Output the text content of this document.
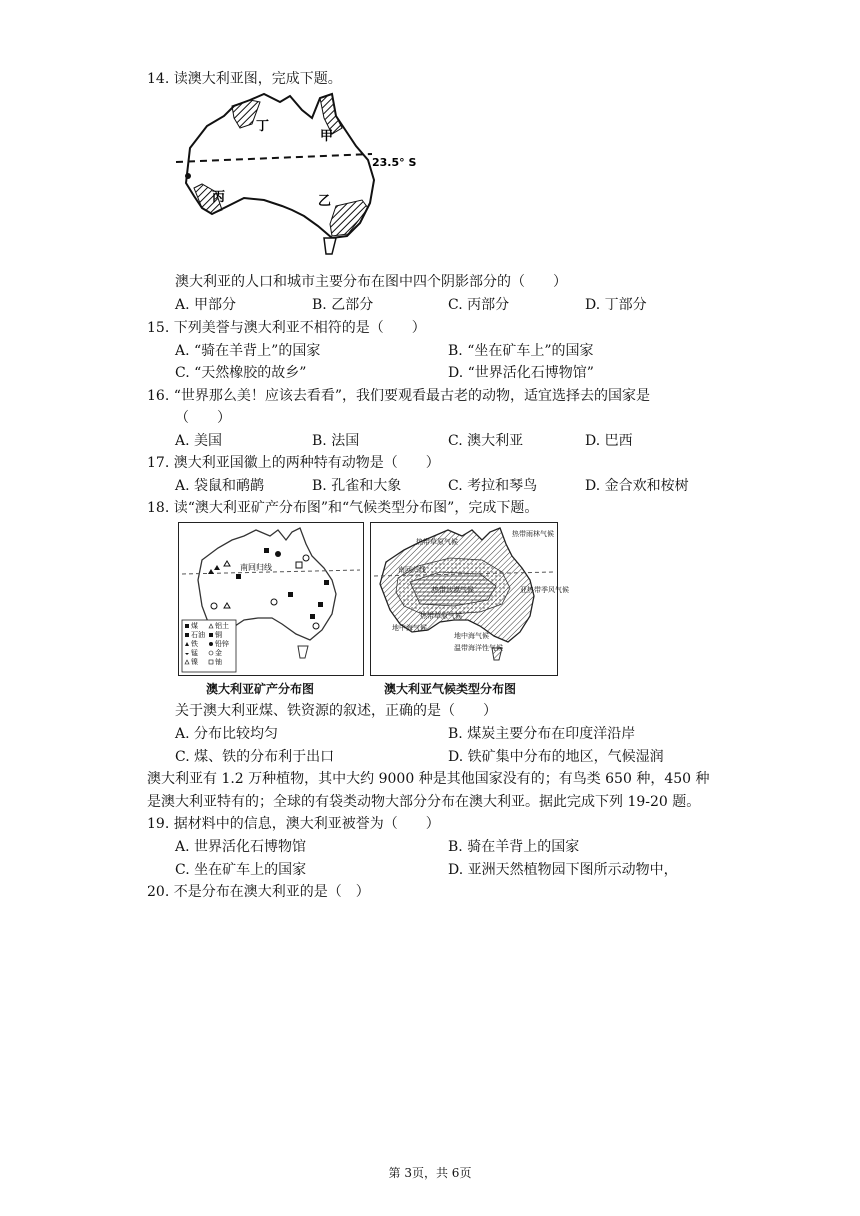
14. 读澳大利亚图，完成下题。
丁
甲
丙	乙
23.5° S
澳大利亚的人口和城市主要分布在图中四个阴影部分的（　　）
A. 甲部分	B. 乙部分	C. 丙部分	D. 丁部分
15. 下列美誉与澳大利亚不相符的是（　　）
A. “骑在羊背上”的国家	B. “坐在矿车上”的国家
C. “天然橡胶的故乡”	D. “世界活化石博物馆”
16. “世界那么美！应该去看看”，我们要观看最古老的动物，适宜选择去的国家是
（　　）
A. 美国	B. 法国	C. 澳大利亚	D. 巴西
17. 澳大利亚国徽上的两种特有动物是（　　）
A. 袋鼠和鸸鹋	B. 孔雀和大象	C. 考拉和琴鸟	D. 金合欢和桉树
18. 读“澳大利亚矿产分布图”和“气候类型分布图”，完成下题。
南回归线
煤 铝土
石油 铜
铁 铅锌
锰 金
镍 铀
热带草原气候
热带雨林气候
南回归线
热带沙漠气候
热带草原气候
亚热带季风气候
地中海气候
地中海气候
温带海洋性气候
澳大利亚矿产分布图	澳大利亚气候类型分布图
关于澳大利亚煤、铁资源的叙述，正确的是（　　）
A. 分布比较均匀	B. 煤炭主要分布在印度洋沿岸
C. 煤、铁的分布利于出口	D. 铁矿集中分布的地区，气候湿润
澳大利亚有 1.2 万种植物，其中大约 9000 种是其他国家没有的；有鸟类 650 种，450 种
是澳大利亚特有的；全球的有袋类动物大部分分布在澳大利亚。据此完成下列 19-20 题。
19. 据材料中的信息，澳大利亚被誉为（　　）
A. 世界活化石博物馆	B. 骑在羊背上的国家
C. 坐在矿车上的国家	D. 亚洲天然植物园下图所示动物中，
20. 不是分布在澳大利亚的是（　）
第 3页，共 6页
